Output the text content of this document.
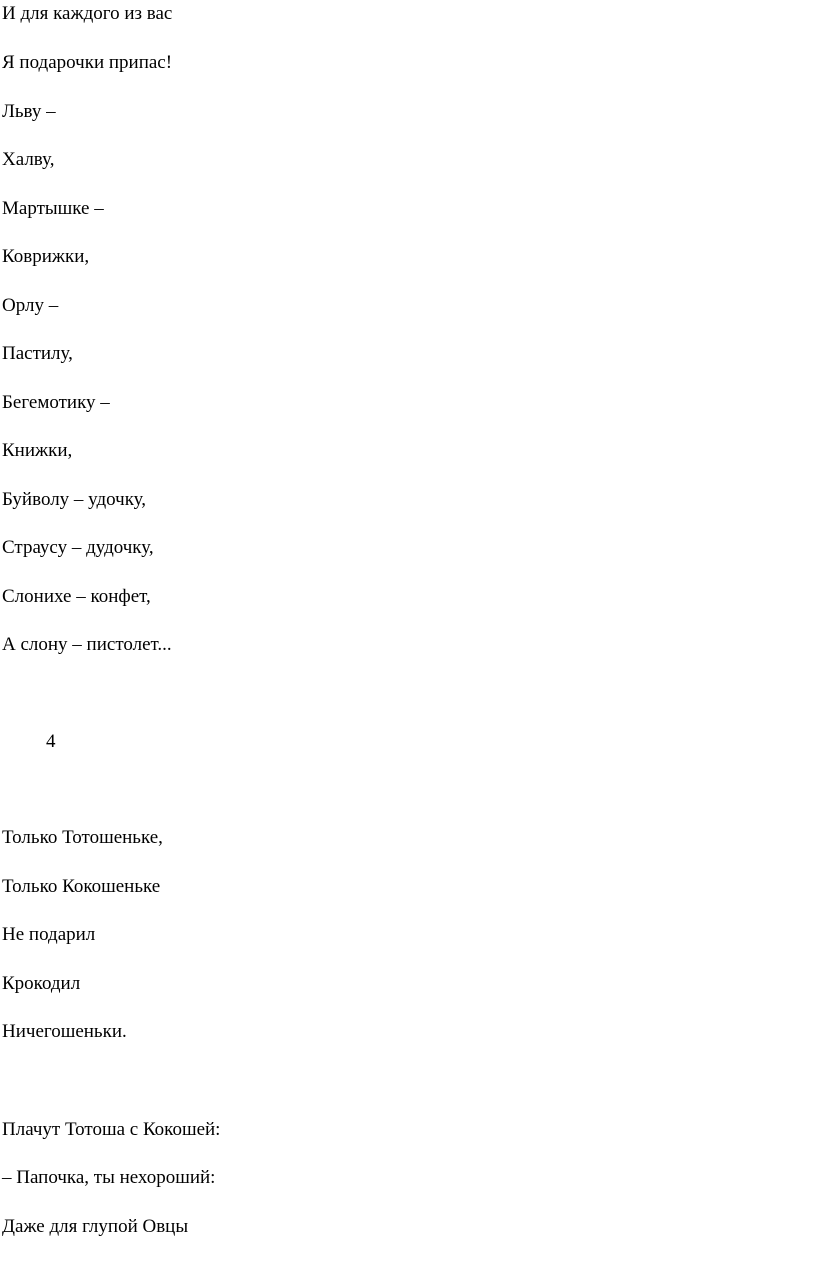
И для каждого из вас
Я подарочки припас!
Льву –
Халву,
Мартышке –
Коврижки,
Орлу –
Пастилу,
Бегемотику –
Книжки,
Буйволу – удочку,
Страусу – дудочку,
Слонихе – конфет,
А слону – пистолет...
4
Только Тотошеньке,
Только Кокошеньке
Не подарил
Крокодил
Ничегошеньки.
Плачут Тотоша с Кокошей:
– Папочка, ты нехороший:
Даже для глупой Овцы
